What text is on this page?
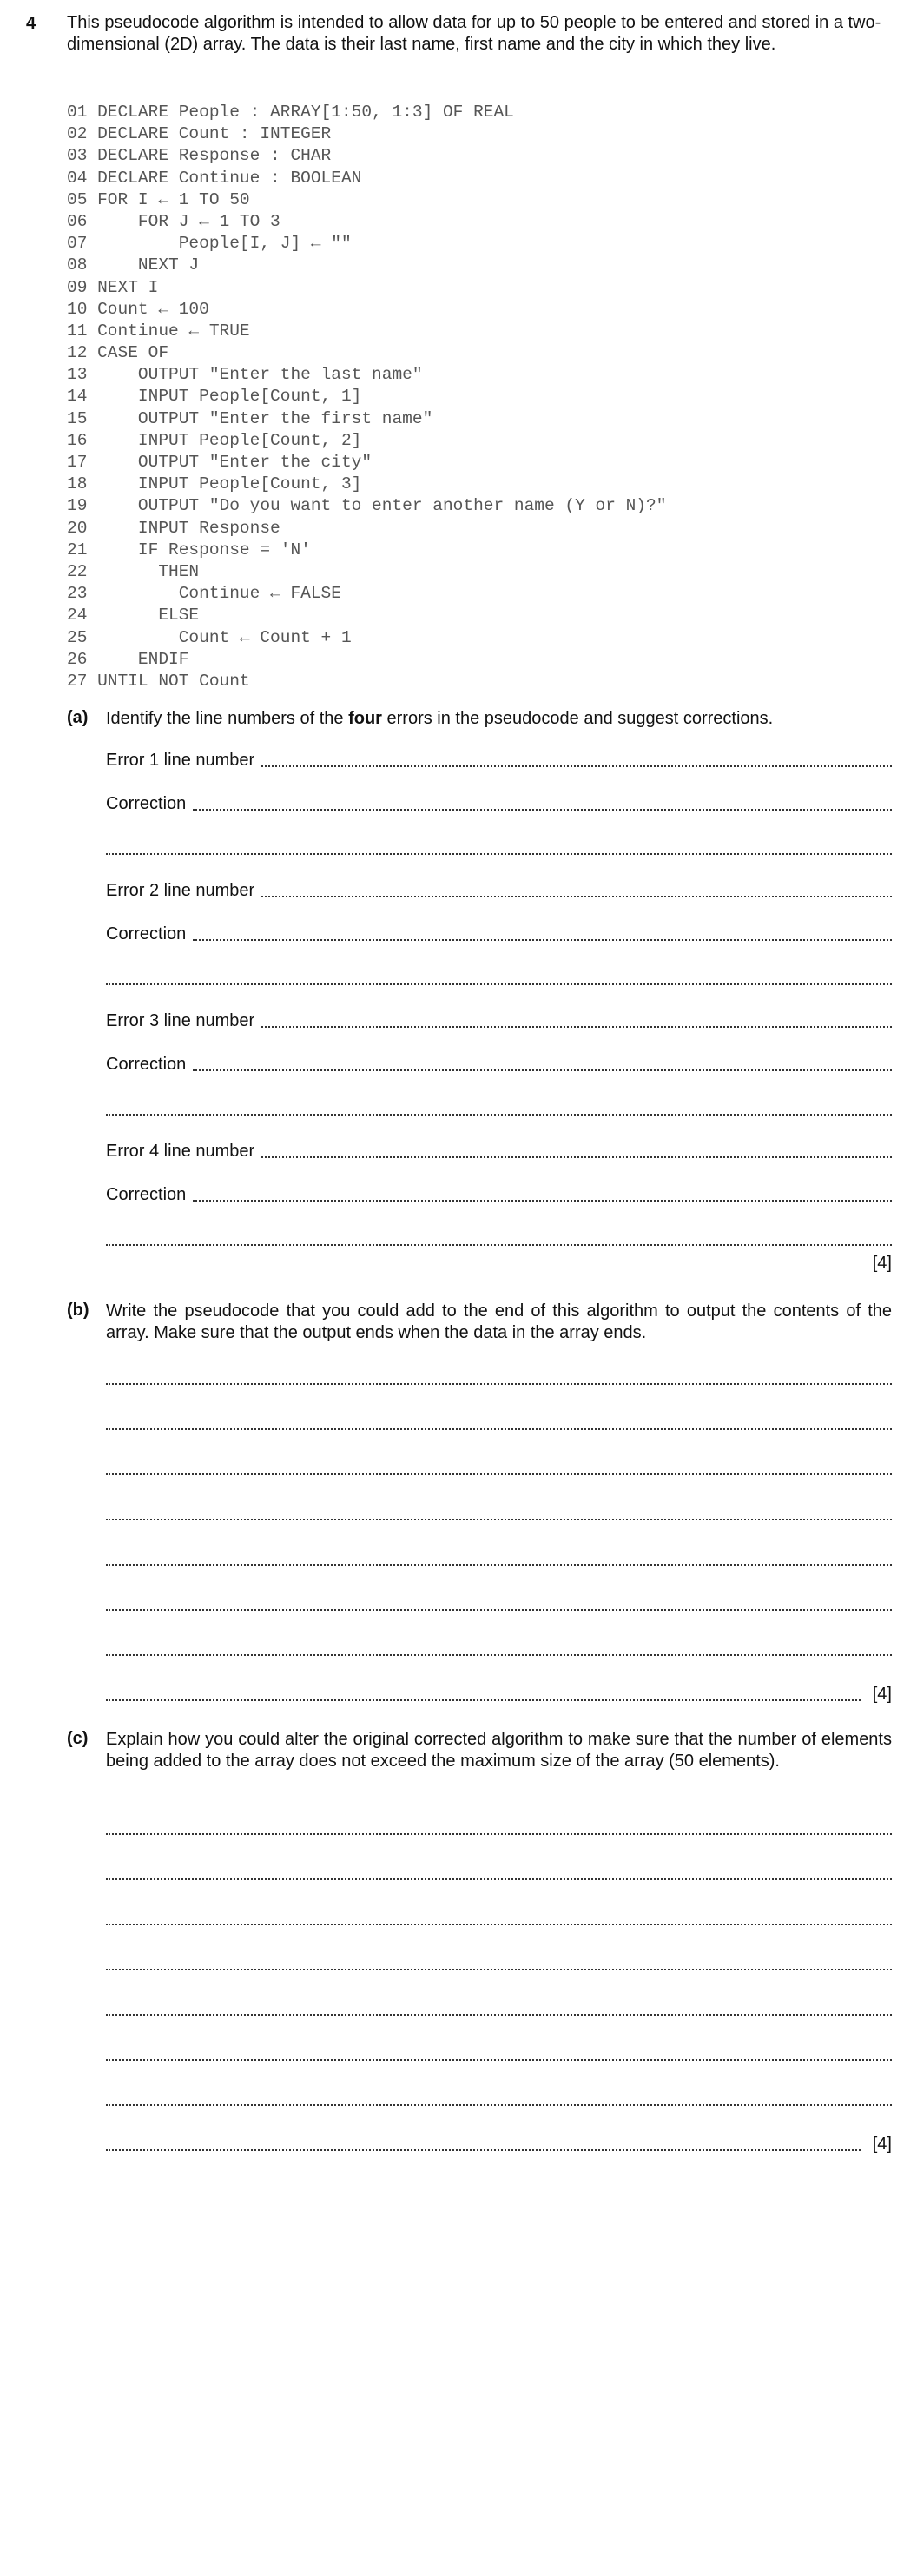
4 This pseudocode algorithm is intended to allow data for up to 50 people to be entered and stored in a two-dimensional (2D) array. The data is their last name, first name and the city in which they live.
01 DECLARE People : ARRAY[1:50, 1:3] OF REAL
02 DECLARE Count : INTEGER
03 DECLARE Response : CHAR
04 DECLARE Continue : BOOLEAN
05 FOR I ← 1 TO 50
06     FOR J ← 1 TO 3
07         People[I, J] ← ""
08     NEXT J
09 NEXT I
10 Count ← 100
11 Continue ← TRUE
12 CASE OF
13     OUTPUT "Enter the last name"
14     INPUT People[Count, 1]
15     OUTPUT "Enter the first name"
16     INPUT People[Count, 2]
17     OUTPUT "Enter the city"
18     INPUT People[Count, 3]
19     OUTPUT "Do you want to enter another name (Y or N)?"
20     INPUT Response
21     IF Response = 'N'
22       THEN
23         Continue ← FALSE
24       ELSE
25         Count ← Count + 1
26     ENDIF
27 UNTIL NOT Count
(a) Identify the line numbers of the four errors in the pseudocode and suggest corrections.
Error 1 line number
Correction
Error 2 line number
Correction
Error 3 line number
Correction
Error 4 line number
Correction
[4]
(b) Write the pseudocode that you could add to the end of this algorithm to output the contents of the array. Make sure that the output ends when the data in the array ends.
[4]
(c) Explain how you could alter the original corrected algorithm to make sure that the number of elements being added to the array does not exceed the maximum size of the array (50 elements).
[4]
